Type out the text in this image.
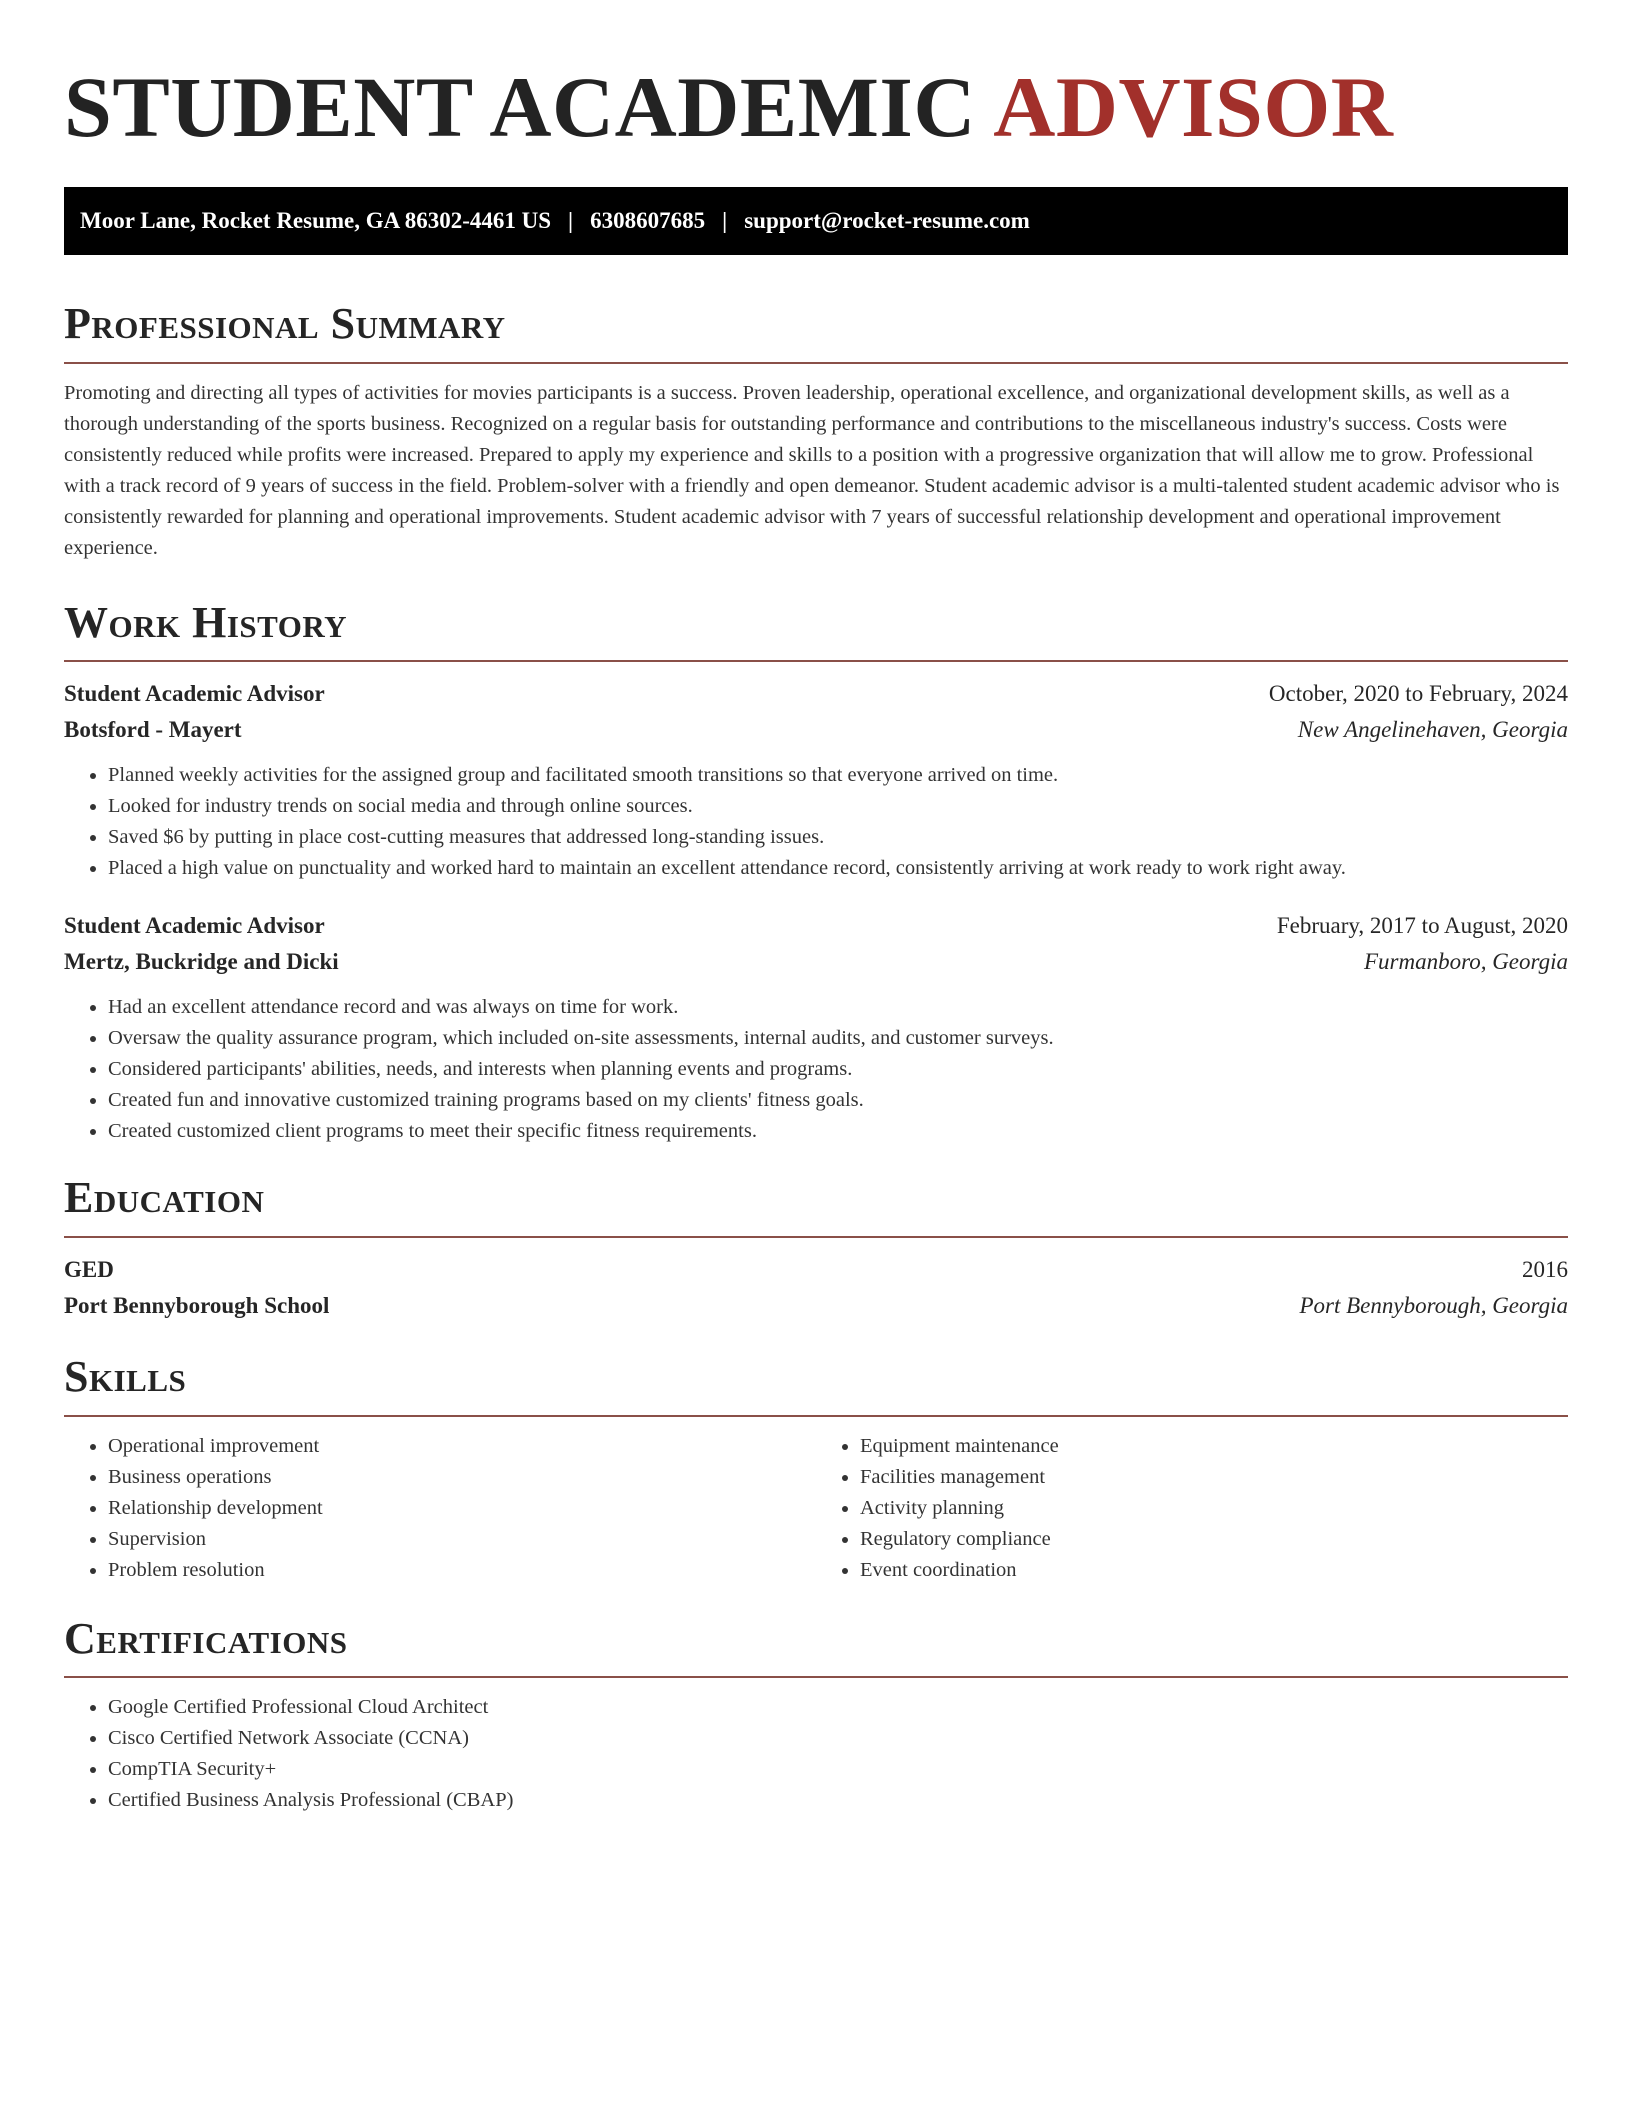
STUDENT ACADEMIC ADVISOR
Moor Lane, Rocket Resume, GA 86302-4461 US | 6308607685 | support@rocket-resume.com
Professional Summary

Promoting and directing all types of activities for movies participants is a success. Proven leadership, operational excellence, and organizational development skills, as well as a thorough understanding of the sports business. Recognized on a regular basis for outstanding performance and contributions to the miscellaneous industry's success. Costs were consistently reduced while profits were increased. Prepared to apply my experience and skills to a position with a progressive organization that will allow me to grow. Professional with a track record of 9 years of success in the field. Problem-solver with a friendly and open demeanor. Student academic advisor is a multi-talented student academic advisor who is consistently rewarded for planning and operational improvements. Student academic advisor with 7 years of successful relationship development and operational improvement experience.

Work History
Student Academic Advisor	October, 2020 to February, 2024
Botsford - Mayert	New Angelinehaven, Georgia
• Planned weekly activities for the assigned group and facilitated smooth transitions so that everyone arrived on time.
• Looked for industry trends on social media and through online sources.
• Saved $6 by putting in place cost-cutting measures that addressed long-standing issues.
• Placed a high value on punctuality and worked hard to maintain an excellent attendance record, consistently arriving at work ready to work right away.
Student Academic Advisor	February, 2017 to August, 2020
Mertz, Buckridge and Dicki	Furmanboro, Georgia
• Had an excellent attendance record and was always on time for work.
• Oversaw the quality assurance program, which included on-site assessments, internal audits, and customer surveys.
• Considered participants' abilities, needs, and interests when planning events and programs.
• Created fun and innovative customized training programs based on my clients' fitness goals.
• Created customized client programs to meet their specific fitness requirements.
Education
GED	2016
Port Bennyborough School	Port Bennyborough, Georgia
Skills
• Operational improvement
• Business operations
• Relationship development
• Supervision
• Problem resolution
• Equipment maintenance
• Facilities management
• Activity planning
• Regulatory compliance
• Event coordination
Certifications
• Google Certified Professional Cloud Architect
• Cisco Certified Network Associate (CCNA)
• CompTIA Security+
• Certified Business Analysis Professional (CBAP)
